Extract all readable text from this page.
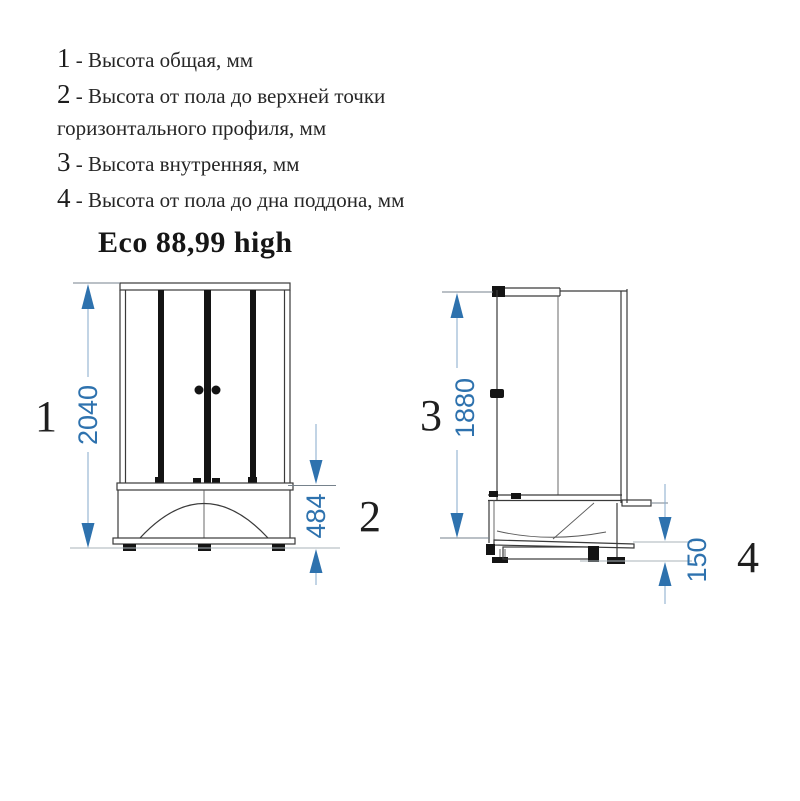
1 - Высота общая, мм
2 - Высота от пола до верхней точки горизонтального профиля, мм
3 - Высота внутренняя, мм
4 - Высота от пола до дна поддона, мм
Eco 88,99 high
2040
1
484 2
1880
3
150 4
